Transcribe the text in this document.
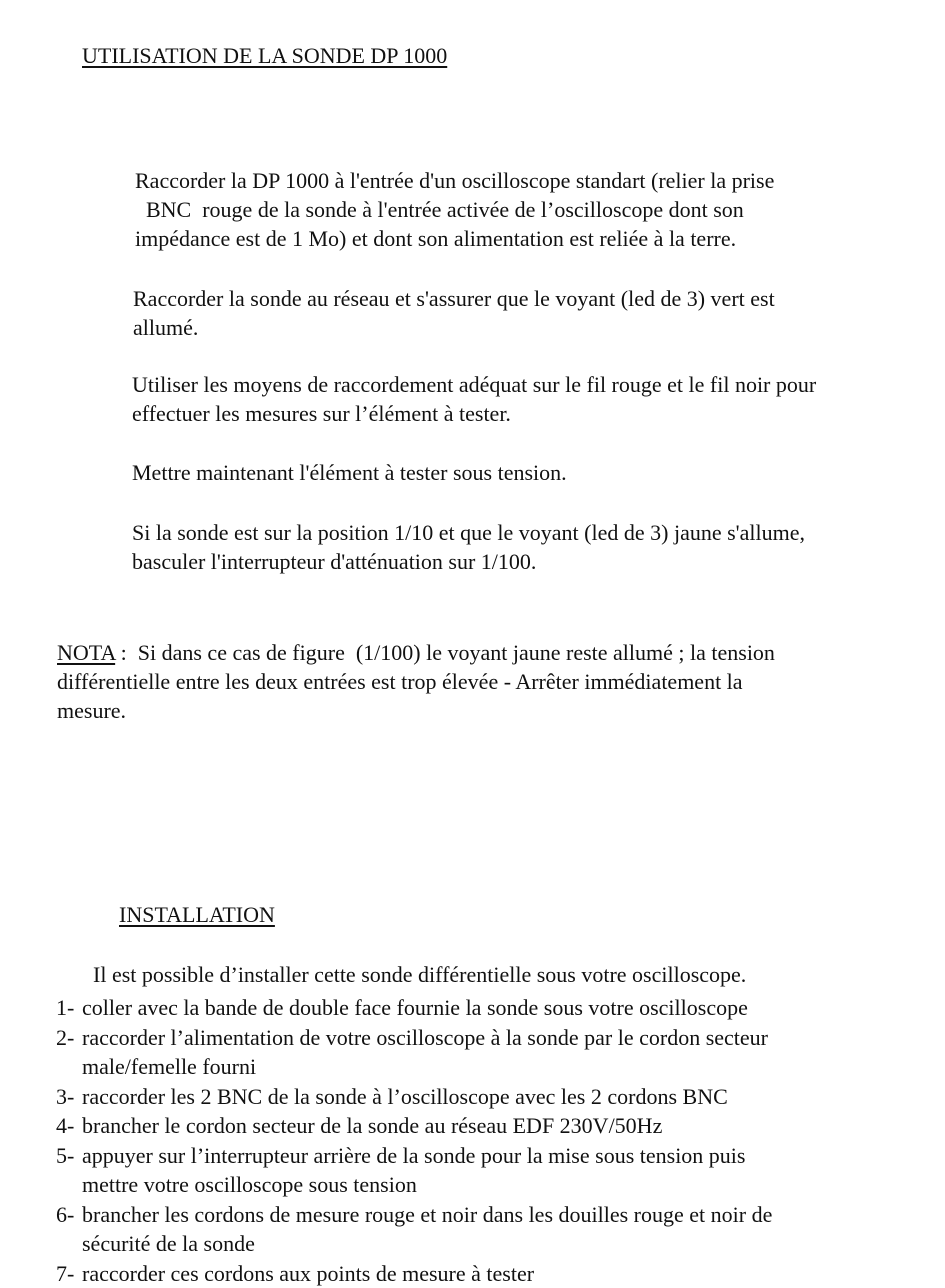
UTILISATION DE LA SONDE DP 1000
Raccorder la DP 1000 à l'entrée d'un oscilloscope standart (relier la prise
BNC  rouge de la sonde à l'entrée activée de l’oscilloscope dont son
impédance est de 1 Mo) et dont son alimentation est reliée à la terre.
Raccorder la sonde au réseau et s'assurer que le voyant (led de 3) vert est
allumé.
Utiliser les moyens de raccordement adéquat sur le fil rouge et le fil noir pour
effectuer les mesures sur l’élément à tester.
Mettre maintenant l'élément à tester sous tension.
Si la sonde est sur la position 1/10 et que le voyant (led de 3) jaune s'allume,
basculer l'interrupteur d'atténuation sur 1/100.
NOTA :  Si dans ce cas de figure  (1/100) le voyant jaune reste allumé ; la tension
différentielle entre les deux entrées est trop élevée - Arrêter immédiatement la
mesure.
INSTALLATION
Il est possible d’installer cette sonde différentielle sous votre oscilloscope.
1- coller avec la bande de double face fournie la sonde sous votre oscilloscope
2- raccorder l’alimentation de votre oscilloscope à la sonde par le cordon secteur
male/femelle fourni
3- raccorder les 2 BNC de la sonde à l’oscilloscope avec les 2 cordons BNC
4- brancher le cordon secteur de la sonde au réseau EDF 230V/50Hz
5- appuyer sur l’interrupteur arrière de la sonde pour la mise sous tension puis
mettre votre oscilloscope sous tension
6- brancher les cordons de mesure rouge et noir dans les douilles rouge et noir de
sécurité de la sonde
7- raccorder ces cordons aux points de mesure à tester
